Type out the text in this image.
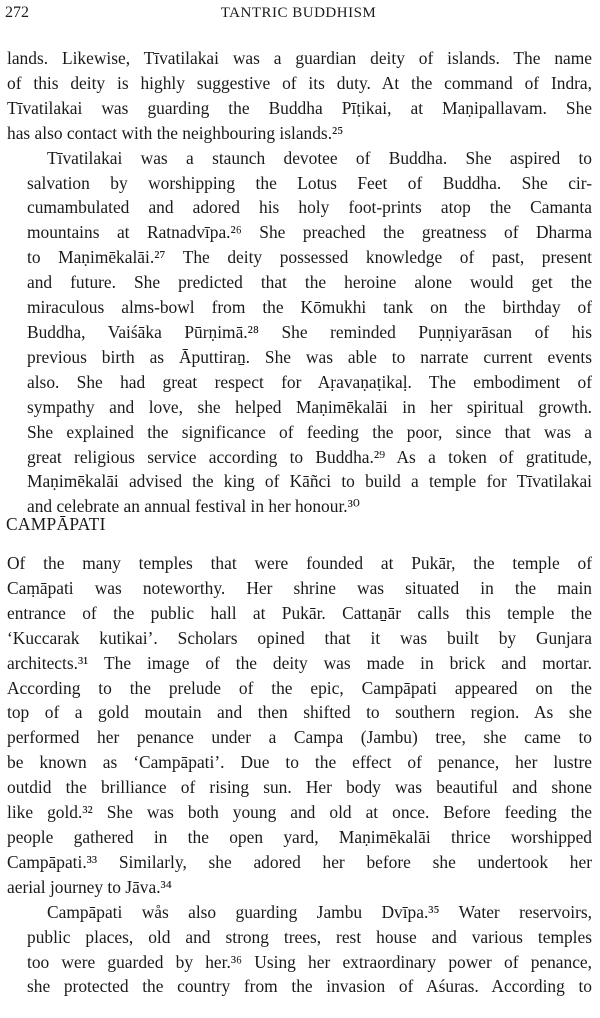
272	TANTRIC BUDDHISM

lands. Likewise, Tīvatilakai was a guardian deity of islands. The name
of this deity is highly suggestive of its duty. At the command of Indra,
Tīvatilakai was guarding the Buddha Pīṭikai, at Maṇipallavam. She
has also contact with the neighbouring islands.²⁵

Tīvatilakai was a staunch devotee of Buddha. She aspired to
salvation by worshipping the Lotus Feet of Buddha. She cir-
cumambulated and adored his holy foot-prints atop the Camanta
mountains at Ratnadvīpa.²⁶ She preached the greatness of Dharma
to Maṇimēkalāi.²⁷ The deity possessed knowledge of past, present
and future. She predicted that the heroine alone would get the
miraculous alms-bowl from the Kōmukhi tank on the birthday of
Buddha, Vaiśāka Pūrṇimā.²⁸ She reminded Puṇṇiyarāsan of his
previous birth as Āputtiraṉ. She was able to narrate current events
also. She had great respect for Aṛavaṇaṭikaḷ. The embodiment of
sympathy and love, she helped Maṇimēkalāi in her spiritual growth.
She explained the significance of feeding the poor, since that was a
great religious service according to Buddha.²⁹ As a token of gratitude,
Maṇimēkalāi advised the king of Kāñci to build a temple for Tīvatilakai
and celebrate an annual festival in her honour.³⁰

CAMPĀPATI

Of the many temples that were founded at Pukār, the temple of
Caṃāpati was noteworthy. Her shrine was situated in the main
entrance of the public hall at Pukār. Cattaṉār calls this temple the
‘Kuccarak kutikai’. Scholars opined that it was built by Gunjara
architects.³¹ The image of the deity was made in brick and mortar.
According to the prelude of the epic, Campāpati appeared on the
top of a gold moutain and then shifted to southern region. As she
performed her penance under a Campa (Jambu) tree, she came to
be known as ‘Campāpati’. Due to the effect of penance, her lustre
outdid the brilliance of rising sun. Her body was beautiful and shone
like gold.³² She was both young and old at once. Before feeding the
people gathered in the open yard, Maṇimēkalāi thrice worshipped
Campāpati.³³ Similarly, she adored her before she undertook her
aerial journey to Jāva.³⁴

Campāpati wås also guarding Jambu Dvīpa.³⁵ Water reservoirs,
public places, old and strong trees, rest house and various temples
too were guarded by her.³⁶ Using her extraordinary power of penance,
she protected the country from the invasion of Aśuras. According to
